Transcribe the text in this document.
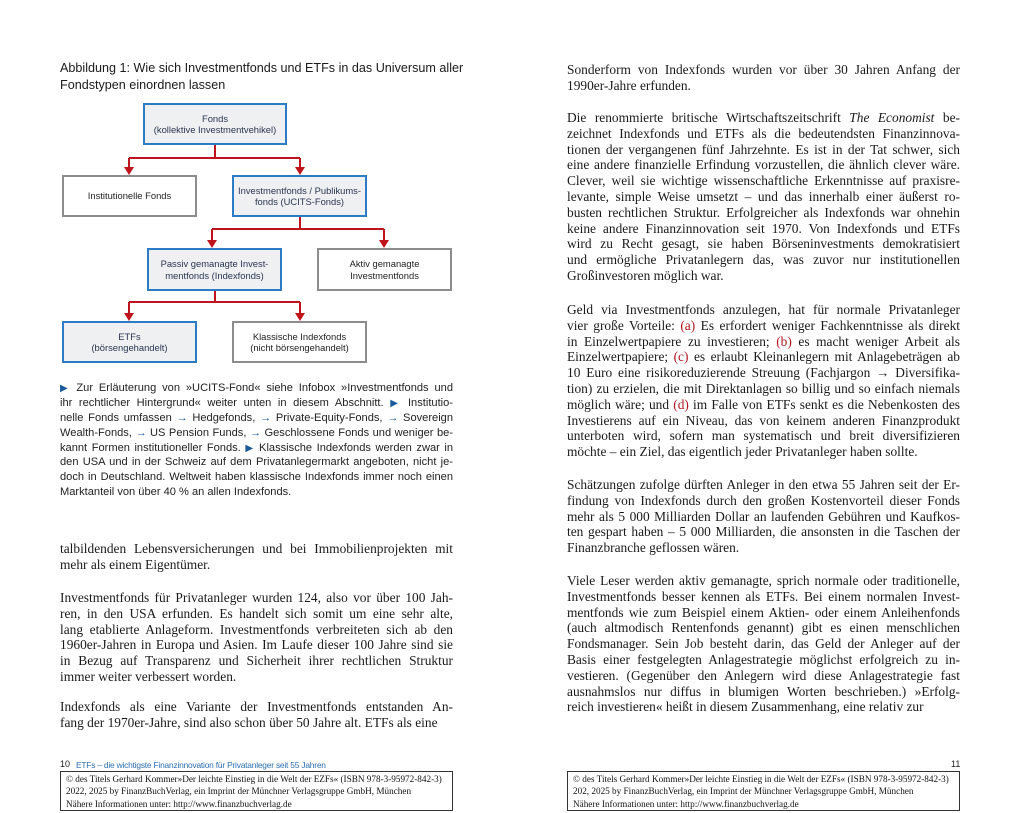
Abbildung 1: Wie sich Investmentfonds und ETFs in das Universum aller
Fondstypen einordnen lassen
Fonds
(kollektive Investmentvehikel)
Institutionelle Fonds
Investmentfonds / Publikums-
fonds (UCITS-Fonds)
Passiv gemanagte Invest-
mentfonds (Indexfonds)
Aktiv gemanagte
Investmentfonds
ETFs
(börsengehandelt)
Klassische Indexfonds
(nicht börsengehandelt)
▶ Zur Erläuterung von »UCITS-Fond« siehe Infobox »Investmentfonds und
ihr rechtlicher Hintergrund« weiter unten in diesem Abschnitt. ▶ Institutio-
nelle Fonds umfassen → Hedgefonds, → Private-Equity-Fonds, → Sovereign
Wealth-Fonds, → US Pension Funds, → Geschlossene Fonds und weniger be-
kannt Formen institutioneller Fonds. ▶ Klassische Indexfonds werden zwar in
den USA und in der Schweiz auf dem Privatanlegermarkt angeboten, nicht je-
doch in Deutschland. Weltweit haben klassische Indexfonds immer noch einen
Marktanteil von über 40 % an allen Indexfonds.
talbildenden Lebensversicherungen und bei Immobilienprojekten mit
mehr als einem Eigentümer.
Investmentfonds für Privatanleger wurden 124, also vor über 100 Jah-
ren, in den USA erfunden. Es handelt sich somit um eine sehr alte,
lang etablierte Anlageform. Investmentfonds verbreiteten sich ab den
1960er-Jahren in Europa und Asien. Im Laufe dieser 100 Jahre sind sie
in Bezug auf Transparenz und Sicherheit ihrer rechtlichen Struktur
immer weiter verbessert worden.
Indexfonds als eine Variante der Investmentfonds entstanden An-
fang der 1970er-Jahre, sind also schon über 50 Jahre alt. ETFs als eine
10 ETFs – die wichtigste Finanzinnovation für Privatanleger seit 55 Jahren
© des Titels Gerhard Kommer»Der leichte Einstieg in die Welt der EZFs« (ISBN 978-3-95972-842-3)
2022, 2025 by FinanzBuchVerlag, ein Imprint der Münchner Verlagsgruppe GmbH, München
Nähere Informationen unter: http://www.finanzbuchverlag.de
Sonderform von Indexfonds wurden vor über 30 Jahren Anfang der
1990er-Jahre erfunden.
Die renommierte britische Wirtschaftszeitschrift The Economist be-
zeichnet Indexfonds und ETFs als die bedeutendsten Finanzinnova-
tionen der vergangenen fünf Jahrzehnte. Es ist in der Tat schwer, sich
eine andere finanzielle Erfindung vorzustellen, die ähnlich clever wäre.
Clever, weil sie wichtige wissenschaftliche Erkenntnisse auf praxisre-
levante, simple Weise umsetzt – und das innerhalb einer äußerst ro-
busten rechtlichen Struktur. Erfolgreicher als Indexfonds war ohnehin
keine andere Finanzinnovation seit 1970. Von Indexfonds und ETFs
wird zu Recht gesagt, sie haben Börseninvestments demokratisiert
und ermögliche Privatanlegern das, was zuvor nur institutionellen
Großinvestoren möglich war.
Geld via Investmentfonds anzulegen, hat für normale Privatanleger
vier große Vorteile: (a) Es erfordert weniger Fachkenntnisse als direkt
in Einzelwertpapiere zu investieren; (b) es macht weniger Arbeit als
Einzelwertpapiere; (c) es erlaubt Kleinanlegern mit Anlagebeträgen ab
10 Euro eine risikoreduzierende Streuung (Fachjargon → Diversifika-
tion) zu erzielen, die mit Direktanlagen so billig und so einfach niemals
möglich wäre; und (d) im Falle von ETFs senkt es die Nebenkosten des
Investierens auf ein Niveau, das von keinem anderen Finanzprodukt
unterboten wird, sofern man systematisch und breit diversifizieren
möchte – ein Ziel, das eigentlich jeder Privatanleger haben sollte.
Schätzungen zufolge dürften Anleger in den etwa 55 Jahren seit der Er-
findung von Indexfonds durch den großen Kostenvorteil dieser Fonds
mehr als 5 000 Milliarden Dollar an laufenden Gebühren und Kaufkos-
ten gespart haben – 5 000 Milliarden, die ansonsten in die Taschen der
Finanzbranche geflossen wären.
Viele Leser werden aktiv gemanagte, sprich normale oder traditionelle,
Investmentfonds besser kennen als ETFs. Bei einem normalen Invest-
mentfonds wie zum Beispiel einem Aktien- oder einem Anleihenfonds
(auch altmodisch Rentenfonds genannt) gibt es einen menschlichen
Fondsmanager. Sein Job besteht darin, das Geld der Anleger auf der
Basis einer festgelegten Anlagestrategie möglichst erfolgreich zu in-
vestieren. (Gegenüber den Anlegern wird diese Anlagestrategie fast
ausnahmslos nur diffus in blumigen Worten beschrieben.) »Erfolg-
reich investieren« heißt in diesem Zusammenhang, eine relativ zur
11
© des Titels Gerhard Kommer»Der leichte Einstieg in die Welt der EZFs« (ISBN 978-3-95972-842-3)
202, 2025 by FinanzBuchVerlag, ein Imprint der Münchner Verlagsgruppe GmbH, München
Nähere Informationen unter: http://www.finanzbuchverlag.de
